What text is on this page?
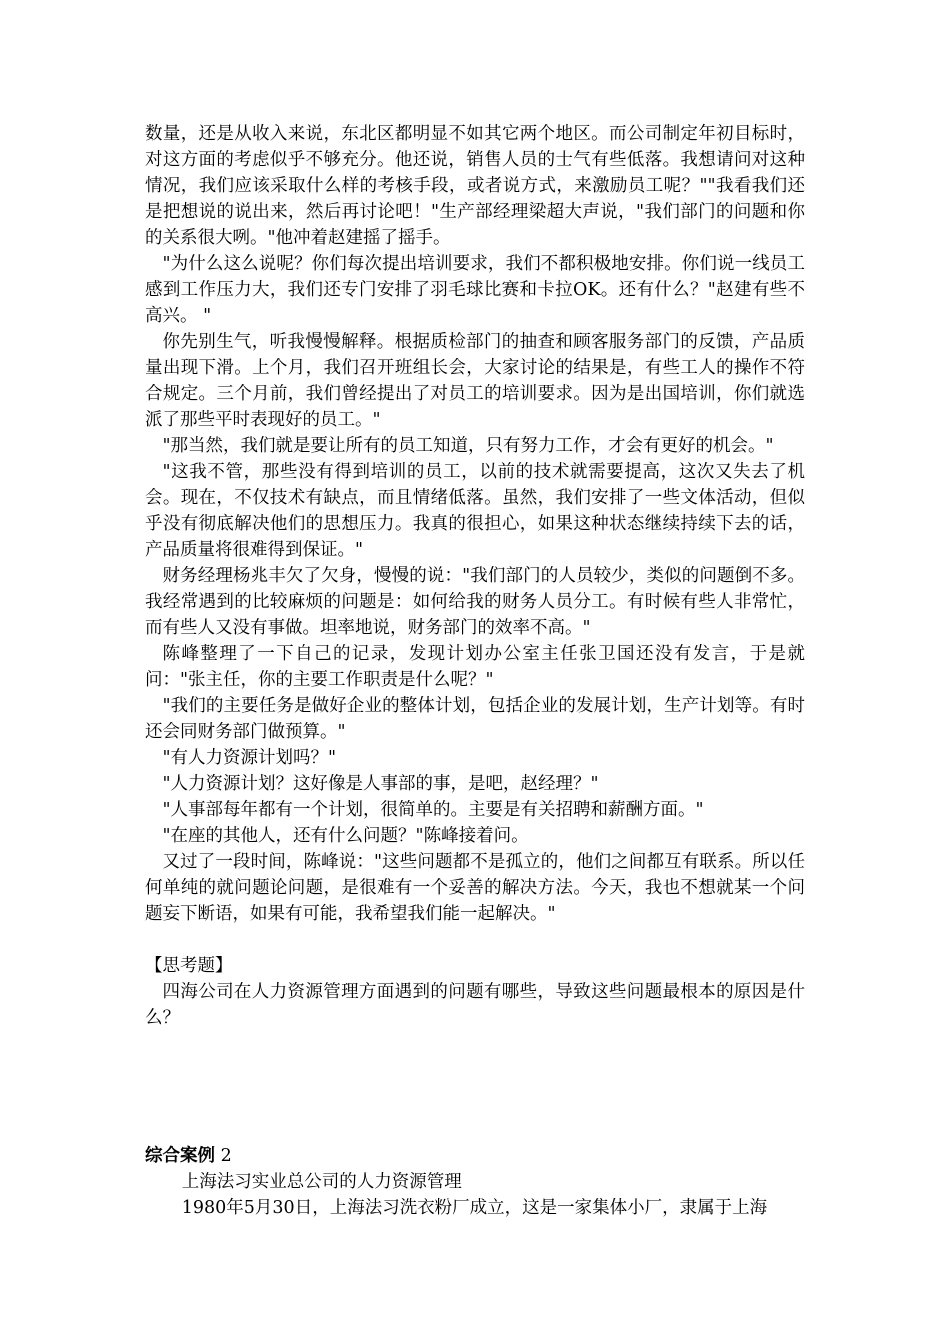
数量，还是从收入来说，东北区都明显不如其它两个地区。而公司制定年初目标时，对这方面的考虑似乎不够充分。他还说，销售人员的士气有些低落。我想请问对这种情况，我们应该采取什么样的考核手段，或者说方式，来激励员工呢？""我看我们还是把想说的说出来，然后再讨论吧！"生产部经理梁超大声说，"我们部门的问题和你的关系很大咧。"他冲着赵建摇了摇手。

"为什么这么说呢？你们每次提出培训要求，我们不都积极地安排。你们说一线员工感到工作压力大，我们还专门安排了羽毛球比赛和卡拉OK。还有什么？"赵建有些不高兴。 "

你先别生气，听我慢慢解释。根据质检部门的抽查和顾客服务部门的反馈，产品质量出现下滑。上个月，我们召开班组长会，大家讨论的结果是，有些工人的操作不符合规定。三个月前，我们曾经提出了对员工的培训要求。因为是出国培训，你们就选派了那些平时表现好的员工。"

"那当然，我们就是要让所有的员工知道，只有努力工作，才会有更好的机会。"

"这我不管，那些没有得到培训的员工，以前的技术就需要提高，这次又失去了机会。现在，不仅技术有缺点，而且情绪低落。虽然，我们安排了一些文体活动，但似乎没有彻底解决他们的思想压力。我真的很担心，如果这种状态继续持续下去的话，产品质量将很难得到保证。"

财务经理杨兆丰欠了欠身，慢慢的说："我们部门的人员较少，类似的问题倒不多。我经常遇到的比较麻烦的问题是：如何给我的财务人员分工。有时候有些人非常忙，而有些人又没有事做。坦率地说，财务部门的效率不高。"

陈峰整理了一下自己的记录，发现计划办公室主任张卫国还没有发言，于是就问："张主任，你的主要工作职责是什么呢？"

"我们的主要任务是做好企业的整体计划，包括企业的发展计划，生产计划等。有时还会同财务部门做预算。"

"有人力资源计划吗？"

"人力资源计划？这好像是人事部的事，是吧，赵经理？"

"人事部每年都有一个计划，很简单的。主要是有关招聘和薪酬方面。"

"在座的其他人，还有什么问题？"陈峰接着问。

又过了一段时间，陈峰说："这些问题都不是孤立的，他们之间都互有联系。所以任何单纯的就问题论问题，是很难有一个妥善的解决方法。今天，我也不想就某一个问题妄下断语，如果有可能，我希望我们能一起解决。"

【思考题】

四海公司在人力资源管理方面遇到的问题有哪些，导致这些问题最根本的原因是什么？

综合案例 2

上海法习实业总公司的人力资源管理

1980年5月30日，上海法习洗衣粉厂成立，这是一家集体小厂，隶属于上海
